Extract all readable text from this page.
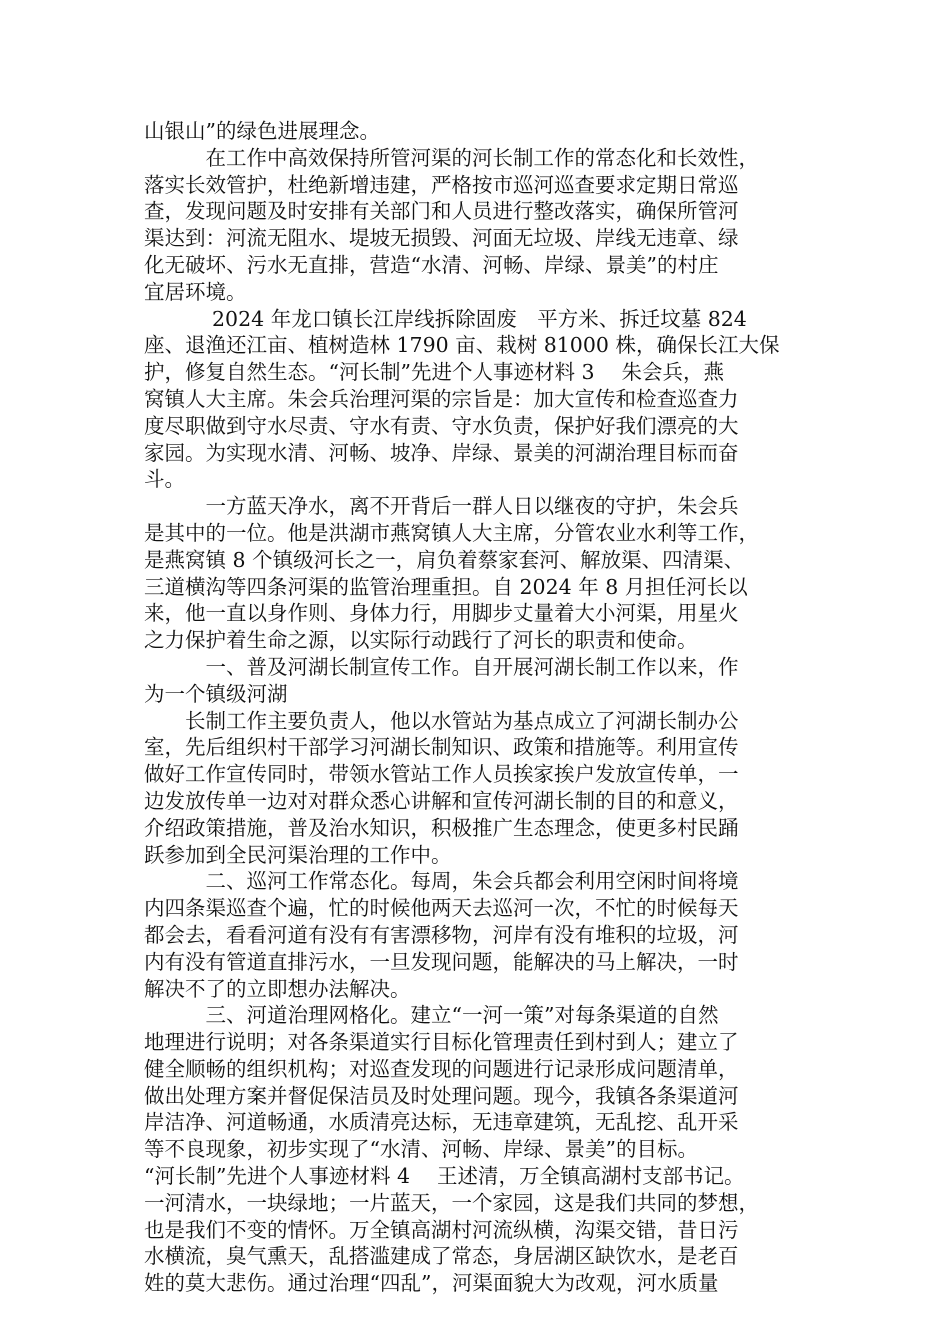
山银山”的绿色进展理念。
　　　在工作中高效保持所管河渠的河长制工作的常态化和长效性，
落实长效管护，杜绝新增违建，严格按市巡河巡查要求定期日常巡
查，发现问题及时安排有关部门和人员进行整改落实，确保所管河
渠达到：河流无阻水、堤坡无损毁、河面无垃圾、岸线无违章、绿
化无破坏、污水无直排，营造“水清、河畅、岸绿、景美”的村庄
宜居环境。
　　　 2024 年龙口镇长江岸线拆除固废　平方米、拆迁坟墓 824
座、退渔还江亩、植树造林 1790 亩、栽树 81000 株，确保长江大保
护，修复自然生态。“河长制”先进个人事迹材料 3　 朱会兵，燕
窝镇人大主席。朱会兵治理河渠的宗旨是：加大宣传和检查巡查力
度尽职做到守水尽责、守水有责、守水负责，保护好我们漂亮的大
家园。为实现水清、河畅、坡净、岸绿、景美的河湖治理目标而奋
斗。
　　　一方蓝天净水，离不开背后一群人日以继夜的守护，朱会兵
是其中的一位。他是洪湖市燕窝镇人大主席，分管农业水利等工作，
是燕窝镇 8 个镇级河长之一，肩负着蔡家套河、解放渠、四清渠、
三道横沟等四条河渠的监管治理重担。自 2024 年 8 月担任河长以
来，他一直以身作则、身体力行，用脚步丈量着大小河渠，用星火
之力保护着生命之源，以实际行动践行了河长的职责和使命。
　　　一、普及河湖长制宣传工作。自开展河湖长制工作以来，作
为一个镇级河湖
　　长制工作主要负责人，他以水管站为基点成立了河湖长制办公
室，先后组织村干部学习河湖长制知识、政策和措施等。利用宣传
做好工作宣传同时，带领水管站工作人员挨家挨户发放宣传单，一
边发放传单一边对对群众悉心讲解和宣传河湖长制的目的和意义，
介绍政策措施，普及治水知识，积极推广生态理念，使更多村民踊
跃参加到全民河渠治理的工作中。
　　　二、巡河工作常态化。每周，朱会兵都会利用空闲时间将境
内四条渠巡查个遍，忙的时候他两天去巡河一次，不忙的时候每天
都会去，看看河道有没有有害漂移物，河岸有没有堆积的垃圾，河
内有没有管道直排污水，一旦发现问题，能解决的马上解决，一时
解决不了的立即想办法解决。
　　　三、河道治理网格化。建立“一河一策”对每条渠道的自然
地理进行说明；对各条渠道实行目标化管理责任到村到人；建立了
健全顺畅的组织机构；对巡查发现的问题进行记录形成问题清单，
做出处理方案并督促保洁员及时处理问题。现今，我镇各条渠道河
岸洁净、河道畅通，水质清亮达标，无违章建筑，无乱挖、乱开采
等不良现象，初步实现了“水清、河畅、岸绿、景美”的目标。
“河长制”先进个人事迹材料 4　 王述清，万全镇高湖村支部书记。
一河清水，一块绿地；一片蓝天，一个家园，这是我们共同的梦想，
也是我们不变的情怀。万全镇高湖村河流纵横，沟渠交错，昔日污
水横流，臭气熏天，乱搭滥建成了常态，身居湖区缺饮水，是老百
姓的莫大悲伤。通过治理“四乱”，河渠面貌大为改观，河水质量
